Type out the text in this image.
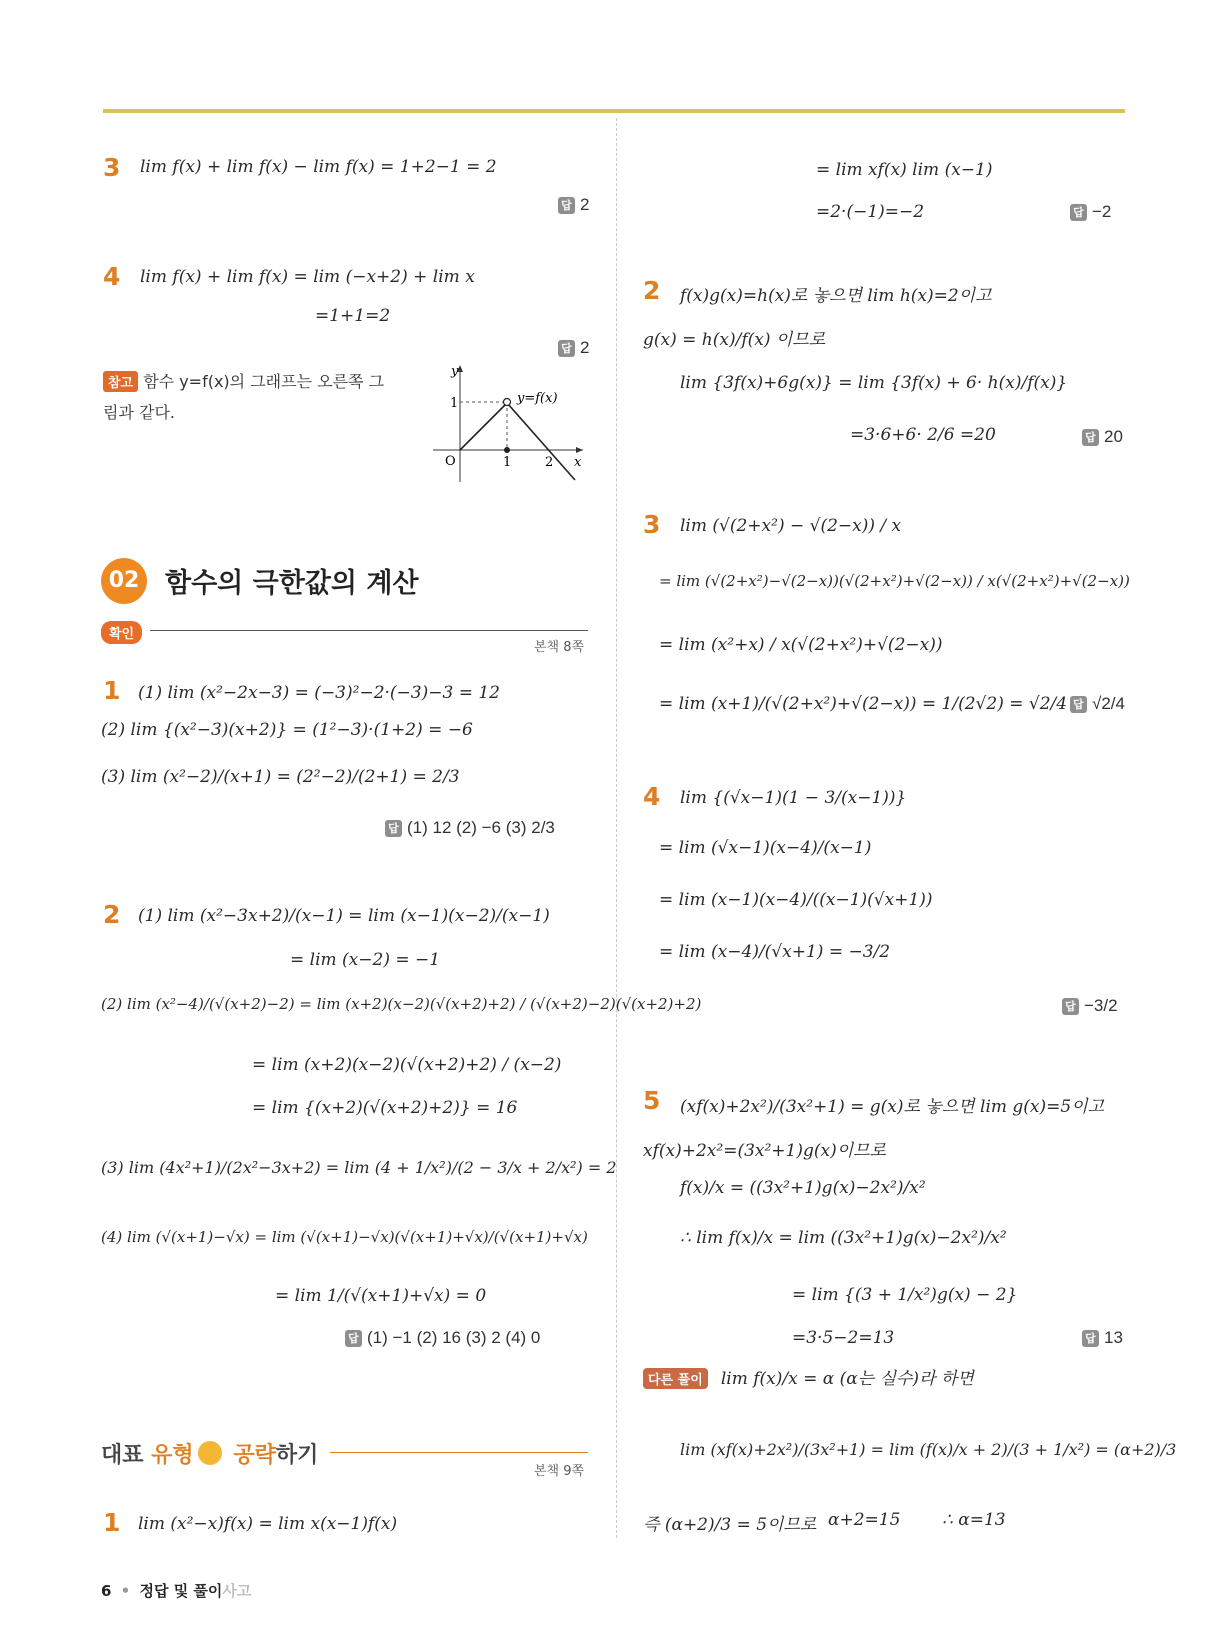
3 lim f(x) + lim f(x) − lim f(x) = 1+2−1 = 2
답 2
4 lim f(x) + lim f(x) = lim (−x+2) + lim x
=1+1=2
답 2
참고 함수 y=f(x)의 그래프는 오른쪽 그
림과 같다.
y
x
O
1
1	2
y=f(x)
02 함수의 극한값의 계산
확인
본책 8쪽
1 (1) lim (x²−2x−3) = (−3)²−2·(−3)−3 = 12
(2) lim {(x²−3)(x+2)} = (1²−3)·(1+2) = −6
(3) lim (x²−2)/(x+1) = (2²−2)/(2+1) = 2/3
답 (1) 12 (2) −6 (3) 2/3
2 (1) lim (x²−3x+2)/(x−1) = lim (x−1)(x−2)/(x−1)
= lim (x−2) = −1
(2) lim (x²−4)/(√(x+2)−2) = lim (x+2)(x−2)(√(x+2)+2) / (√(x+2)−2)(√(x+2)+2)
= lim (x+2)(x−2)(√(x+2)+2) / (x−2)
= lim {(x+2)(√(x+2)+2)} = 16
(3) lim (4x²+1)/(2x²−3x+2) = lim (4 + 1/x²)/(2 − 3/x + 2/x²) = 2
(4) lim (√(x+1)−√x) = lim (√(x+1)−√x)(√(x+1)+√x)/(√(x+1)+√x)
= lim 1/(√(x+1)+√x) = 0
답 (1) −1 (2) 16 (3) 2 (4) 0
대표 유형 공략하기
본책 9쪽
1 lim (x²−x)f(x) = lim x(x−1)f(x)
= lim xf(x) lim (x−1)
=2·(−1)=−2	답 −2
2 f(x)g(x)=h(x)로 놓으면 lim h(x)=2이고
g(x) = h(x)/f(x) 이므로
lim {3f(x)+6g(x)} = lim {3f(x) + 6· h(x)/f(x)}
=3·6+6· 2/6 =20	답 20
3 lim (√(2+x²) − √(2−x)) / x
= lim (√(2+x²)−√(2−x))(√(2+x²)+√(2−x)) / x(√(2+x²)+√(2−x))
= lim (x²+x) / x(√(2+x²)+√(2−x))
= lim (x+1)/(√(2+x²)+√(2−x)) = 1/(2√2) = √2/4 답 √2/4
4 lim {(√x−1)(1 − 3/(x−1))}
= lim (√x−1)(x−4)/(x−1)
= lim (x−1)(x−4)/((x−1)(√x+1))
= lim (x−4)/(√x+1) = −3/2
답 −3/2
5 (xf(x)+2x²)/(3x²+1) = g(x)로 놓으면 lim g(x)=5이고
xf(x)+2x²=(3x²+1)g(x)이므로
f(x)/x = ((3x²+1)g(x)−2x²)/x²
∴ lim f(x)/x = lim ((3x²+1)g(x)−2x²)/x²
= lim {(3 + 1/x²)g(x) − 2}
=3·5−2=13	답 13
다른 풀이 lim f(x)/x = α (α는 실수)라 하면
lim (xf(x)+2x²)/(3x²+1) = lim (f(x)/x + 2)/(3 + 1/x²) = (α+2)/3
즉 (α+2)/3 = 5이므로 α+2=15 ∴ α=13
6 • 정답 및 풀이사고
